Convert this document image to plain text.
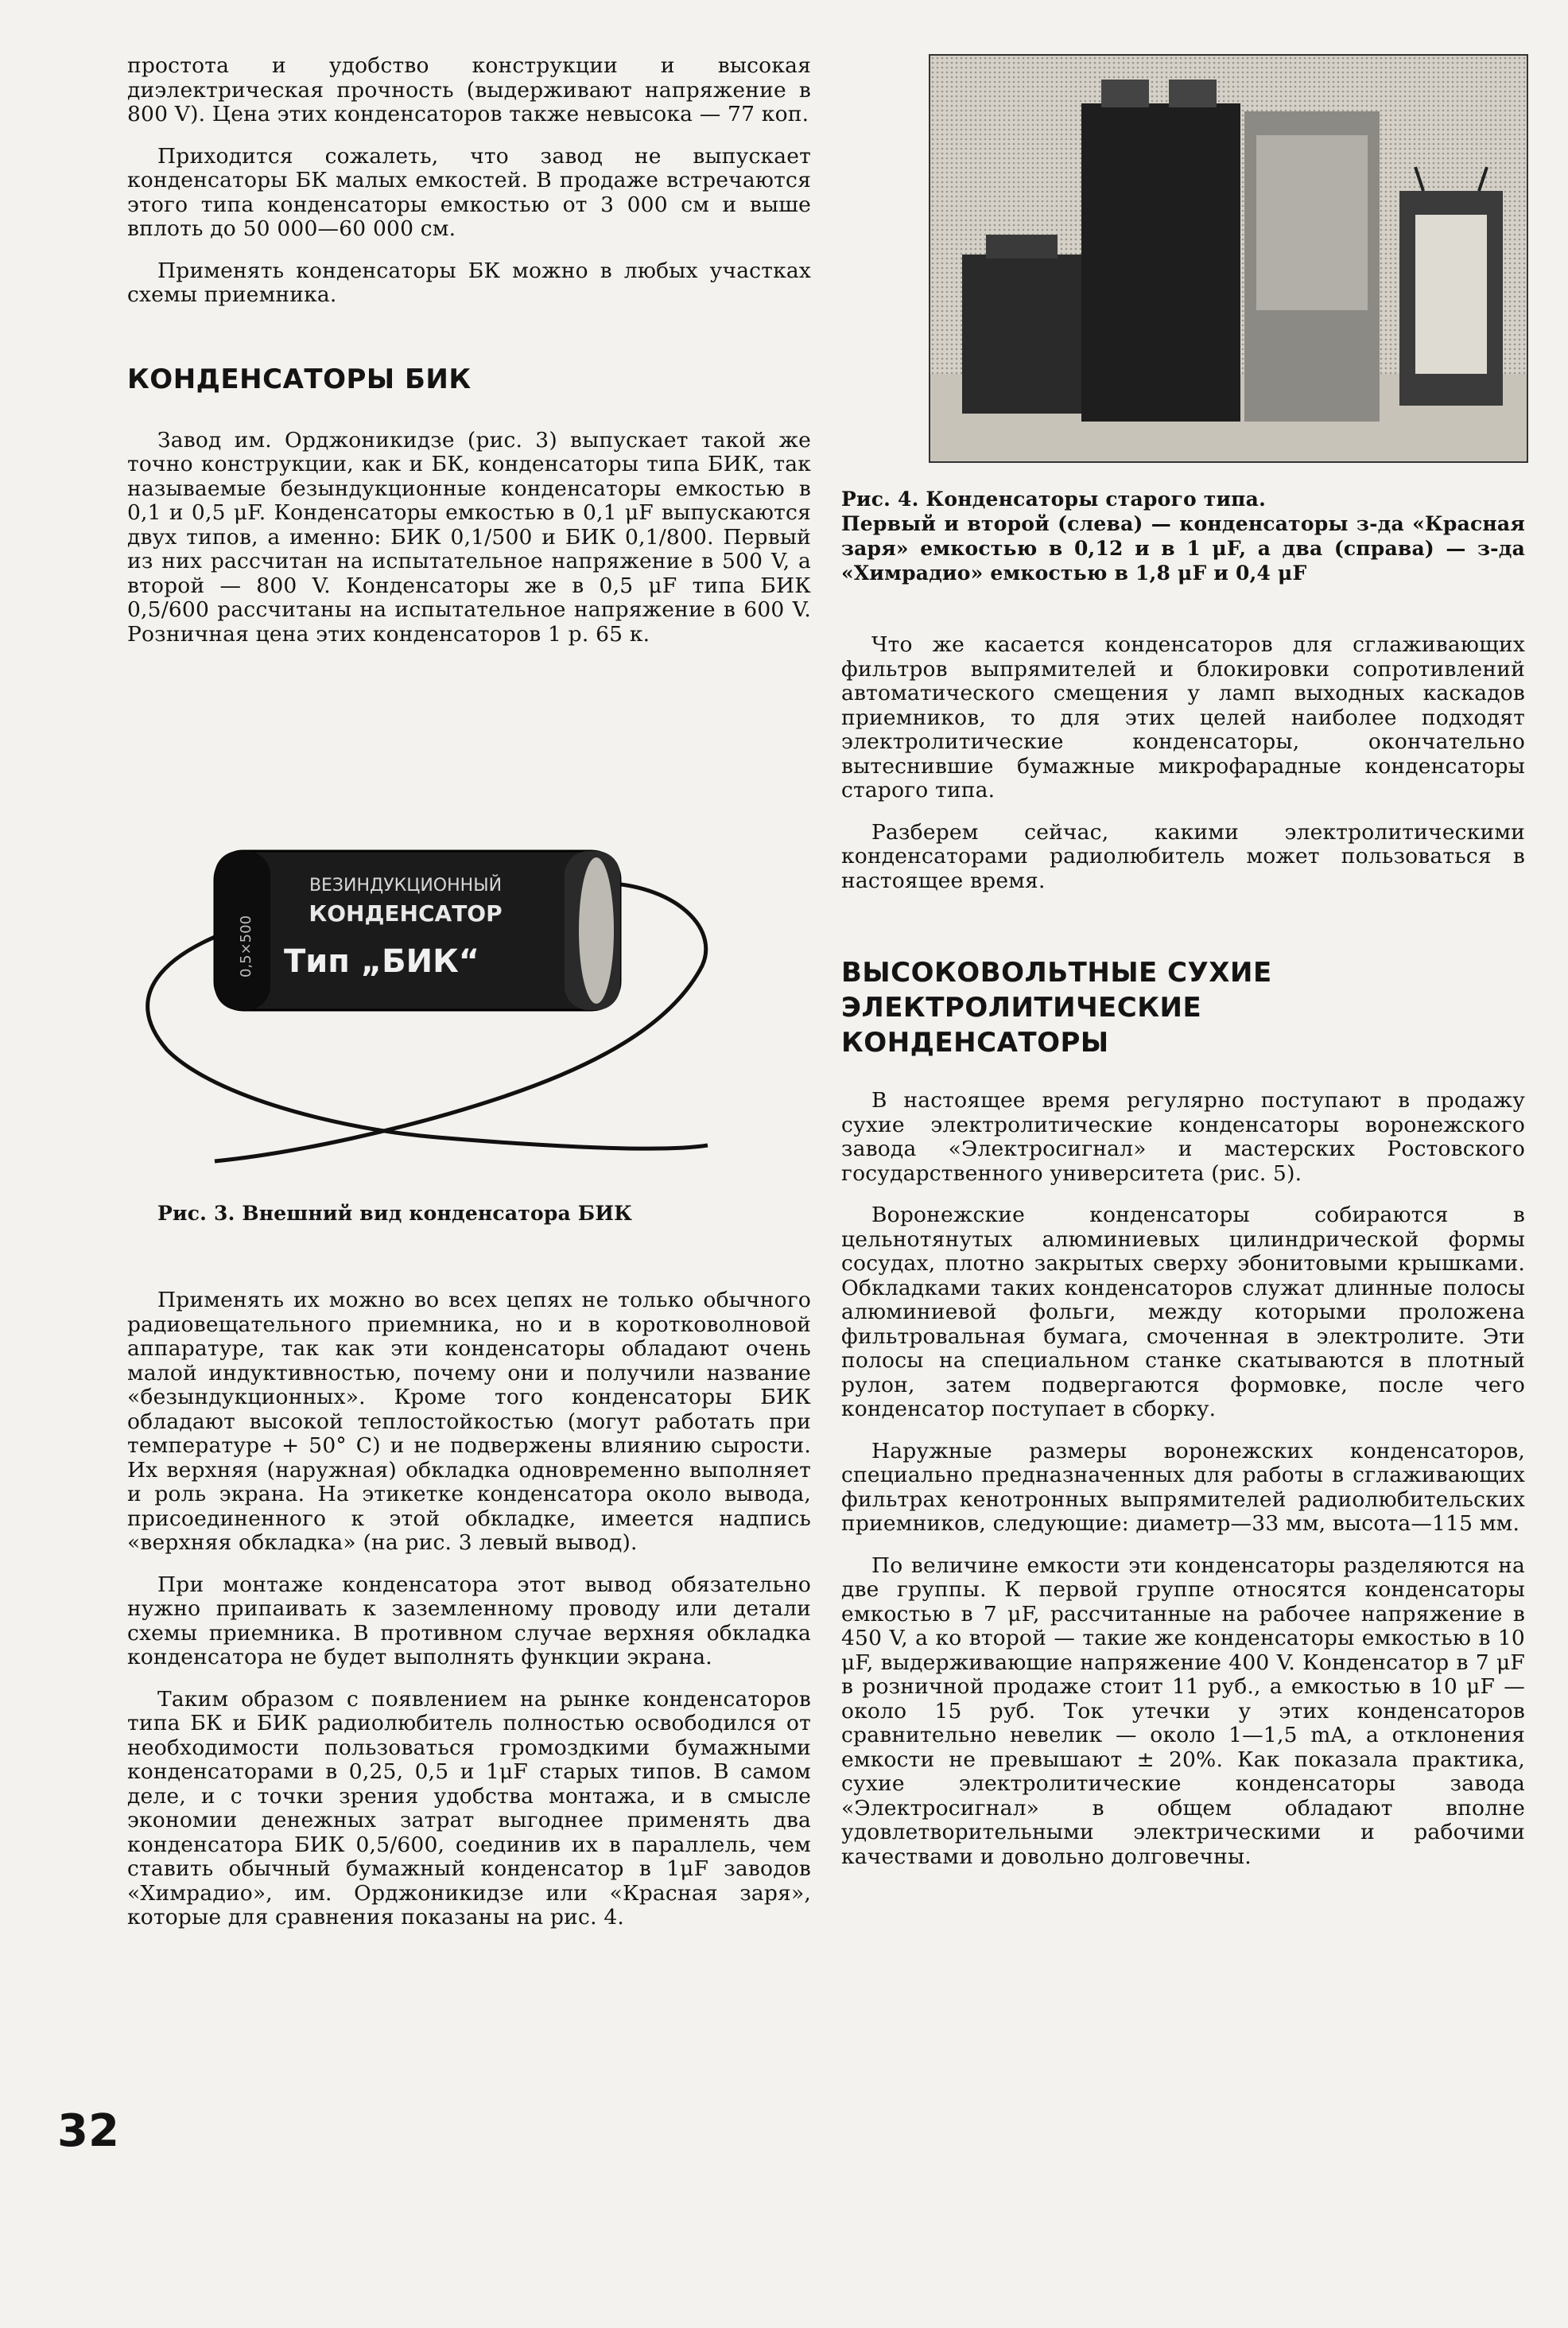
простота и удобство конструкции и высокая диэлектрическая прочность (выдерживают напряжение в 800 V). Цена этих конденсаторов также невысока — 77 коп.

Приходится сожалеть, что завод не выпускает конденсаторы БК малых емкостей. В продаже встречаются этого типа конденсаторы емкостью от 3 000 см и выше вплоть до 50 000—60 000 см.

Применять конденсаторы БК можно в любых участках схемы приемника.

КОНДЕНСАТОРЫ БИК

Завод им. Орджоникидзе (рис. 3) выпускает такой же точно конструкции, как и БК, конденсаторы типа БИК, так называемые безындукционные конденсаторы емкостью в 0,1 и 0,5 μF. Конденсаторы емкостью в 0,1 μF выпускаются двух типов, а именно: БИК 0,1/500 и БИК 0,1/800. Первый из них рассчитан на испытательное напряжение в 500 V, а второй — 800 V. Конденсаторы же в 0,5 μF типа БИК 0,5/600 рассчитаны на испытательное напряжение в 600 V. Розничная цена этих конденсаторов 1 р. 65 к.

ВЕЗИНДУКЦИОННЫЙ
КОНДЕНСАТОР
Тип „БИК“
0,5×500

Рис. 3. Внешний вид конденсатора БИК

Применять их можно во всех цепях не только обычного радиовещательного приемника, но и в коротковолновой аппаратуре, так как эти конденсаторы обладают очень малой индуктивностью, почему они и получили название «безындукционных». Кроме того конденсаторы БИК обладают высокой теплостойкостью (могут работать при температуре + 50° С) и не подвержены влиянию сырости. Их верхняя (наружная) обкладка одновременно выполняет и роль экрана. На этикетке конденсатора около вывода, присоединенного к этой обкладке, имеется надпись «верхняя обкладка» (на рис. 3 левый вывод).

При монтаже конденсатора этот вывод обязательно нужно припаивать к заземленному проводу или детали схемы приемника. В противном случае верхняя обкладка конденсатора не будет выполнять функции экрана.

Таким образом с появлением на рынке конденсаторов типа БК и БИК радиолюбитель полностью освободился от необходимости пользоваться громоздкими бумажными конденсаторами в 0,25, 0,5 и 1μF старых типов. В самом деле, и с точки зрения удобства монтажа, и в смысле экономии денежных затрат выгоднее применять два конденсатора БИК 0,5/600, соединив их в параллель, чем ставить обычный бумажный конденсатор в 1μF заводов «Химрадио», им. Орджоникидзе или «Красная заря», которые для сравнения показаны на рис. 4.

Рис. 4. Конденсаторы старого типа.

Первый и второй (слева) — конденсаторы з-да «Красная заря» емкостью в 0,12 и в 1 μF, а два (справа) — з-да «Химрадио» емкостью в 1,8 μF и 0,4 μF

Что же касается конденсаторов для сглаживающих фильтров выпрямителей и блокировки сопротивлений автоматического смещения у ламп выходных каскадов приемников, то для этих целей наиболее подходят электролитические конденсаторы, окончательно вытеснившие бумажные микрофарадные конденсаторы старого типа.

Разберем сейчас, какими электролитическими конденсаторами радиолюбитель может пользоваться в настоящее время.

ВЫСОКОВОЛЬТНЫЕ СУХИЕ
ЭЛЕКТРОЛИТИЧЕСКИЕ
КОНДЕНСАТОРЫ

В настоящее время регулярно поступают в продажу сухие электролитические конденсаторы воронежского завода «Электросигнал» и мастерских Ростовского государственного университета (рис. 5).

Воронежские конденсаторы собираются в цельнотянутых алюминиевых цилиндрической формы сосудах, плотно закрытых сверху эбонитовыми крышками. Обкладками таких конденсаторов служат длинные полосы алюминиевой фольги, между которыми проложена фильтровальная бумага, смоченная в электролите. Эти полосы на специальном станке скатываются в плотный рулон, затем подвергаются формовке, после чего конденсатор поступает в сборку.

Наружные размеры воронежских конденсаторов, специально предназначенных для работы в сглаживающих фильтрах кенотронных выпрямителей радиолюбительских приемников, следующие: диаметр—33 мм, высота—115 мм.

По величине емкости эти конденсаторы разделяются на две группы. К первой группе относятся конденсаторы емкостью в 7 μF, рассчитанные на рабочее напряжение в 450 V, а ко второй — такие же конденсаторы емкостью в 10 μF, выдерживающие напряжение 400 V. Конденсатор в 7 μF в розничной продаже стоит 11 руб., а емкостью в 10 μF — около 15 руб. Ток утечки у этих конденсаторов сравнительно невелик — около 1—1,5 mA, а отклонения емкости не превышают ± 20%. Как показала практика, сухие электролитические конденсаторы завода «Электросигнал» в общем обладают вполне удовлетворительными электрическими и рабочими качествами и довольно долговечны.

32
